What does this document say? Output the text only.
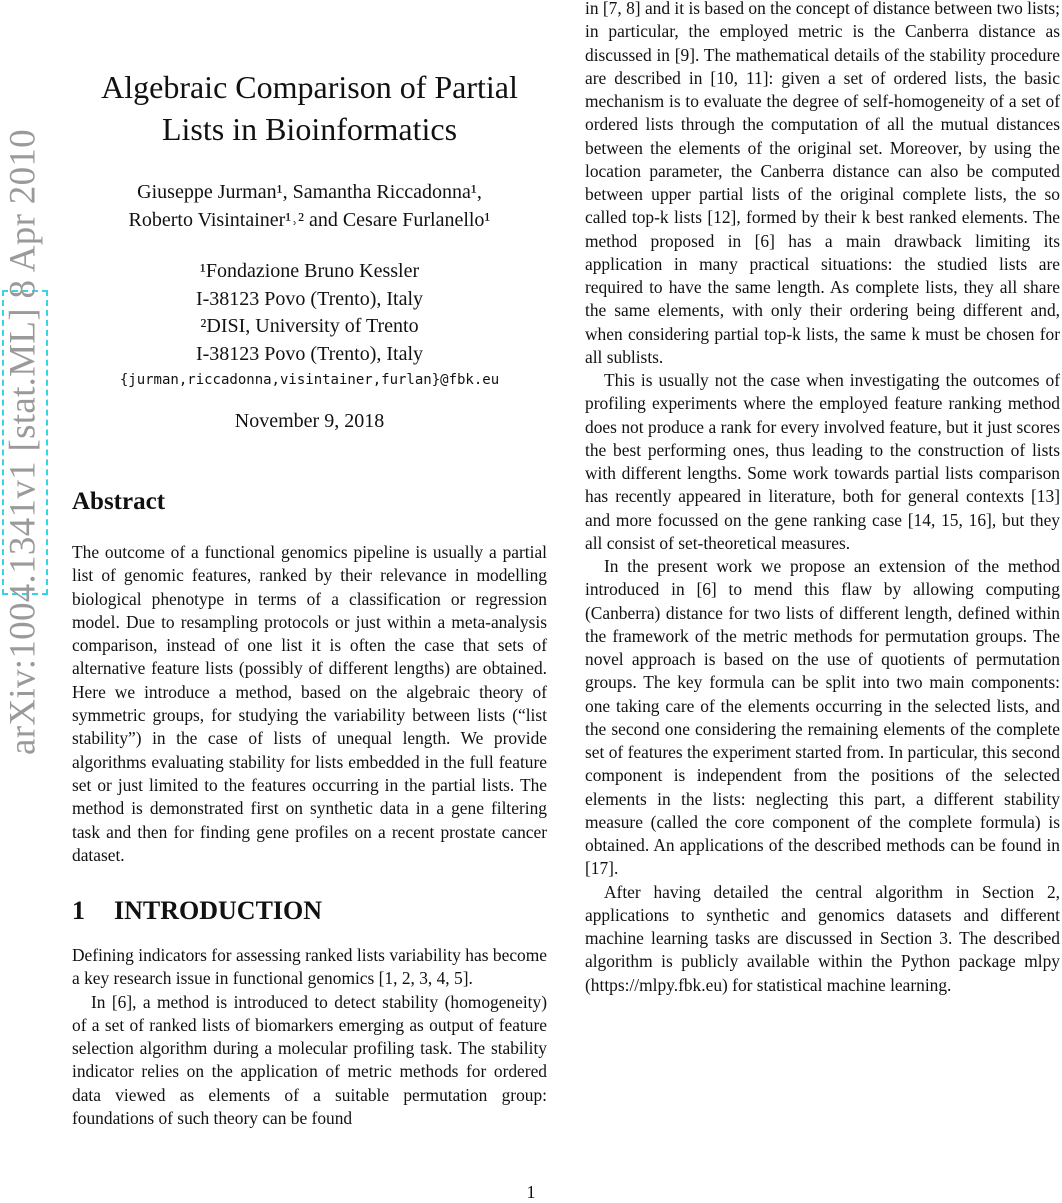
arXiv:1004.1341v1 [stat.ML] 8 Apr 2010
Algebraic Comparison of Partial Lists in Bioinformatics
Giuseppe Jurman¹, Samantha Riccadonna¹,
Roberto Visintainer¹˒² and Cesare Furlanello¹
¹Fondazione Bruno Kessler
I-38123 Povo (Trento), Italy
²DISI, University of Trento
I-38123 Povo (Trento), Italy
{jurman,riccadonna,visintainer,furlan}@fbk.eu
November 9, 2018
Abstract

The outcome of a functional genomics pipeline is usually a partial list of genomic features, ranked by their relevance in modelling biological phenotype in terms of a classification or regression model. Due to resampling protocols or just within a meta-analysis comparison, instead of one list it is often the case that sets of alternative feature lists (possibly of different lengths) are obtained. Here we introduce a method, based on the algebraic theory of symmetric groups, for studying the variability between lists (“list stability”) in the case of lists of unequal length. We provide algorithms evaluating stability for lists embedded in the full feature set or just limited to the features occurring in the partial lists. The method is demonstrated first on synthetic data in a gene filtering task and then for finding gene profiles on a recent prostate cancer dataset.

1 INTRODUCTION

Defining indicators for assessing ranked lists variability has become a key research issue in functional genomics [1, 2, 3, 4, 5].

In [6], a method is introduced to detect stability (homogeneity) of a set of ranked lists of biomarkers emerging as output of feature selection algorithm during a molecular profiling task. The stability indicator relies on the application of metric methods for ordered data viewed as elements of a suitable permutation group: foundations of such theory can be found

in [7, 8] and it is based on the concept of distance between two lists; in particular, the employed metric is the Canberra distance as discussed in [9]. The mathematical details of the stability procedure are described in [10, 11]: given a set of ordered lists, the basic mechanism is to evaluate the degree of self-homogeneity of a set of ordered lists through the computation of all the mutual distances between the elements of the original set. Moreover, by using the location parameter, the Canberra distance can also be computed between upper partial lists of the original complete lists, the so called top-k lists [12], formed by their k best ranked elements. The method proposed in [6] has a main drawback limiting its application in many practical situations: the studied lists are required to have the same length. As complete lists, they all share the same elements, with only their ordering being different and, when considering partial top-k lists, the same k must be chosen for all sublists.

This is usually not the case when investigating the outcomes of profiling experiments where the employed feature ranking method does not produce a rank for every involved feature, but it just scores the best performing ones, thus leading to the construction of lists with different lengths. Some work towards partial lists comparison has recently appeared in literature, both for general contexts [13] and more focussed on the gene ranking case [14, 15, 16], but they all consist of set-theoretical measures.

In the present work we propose an extension of the method introduced in [6] to mend this flaw by allowing computing (Canberra) distance for two lists of different length, defined within the framework of the metric methods for permutation groups. The novel approach is based on the use of quotients of permutation groups. The key formula can be split into two main components: one taking care of the elements occurring in the selected lists, and the second one considering the remaining elements of the complete set of features the experiment started from. In particular, this second component is independent from the positions of the selected elements in the lists: neglecting this part, a different stability measure (called the core component of the complete formula) is obtained. An applications of the described methods can be found in [17].

After having detailed the central algorithm in Section 2, applications to synthetic and genomics datasets and different machine learning tasks are discussed in Section 3. The described algorithm is publicly available within the Python package mlpy (https://mlpy.fbk.eu) for statistical machine learning.

1
